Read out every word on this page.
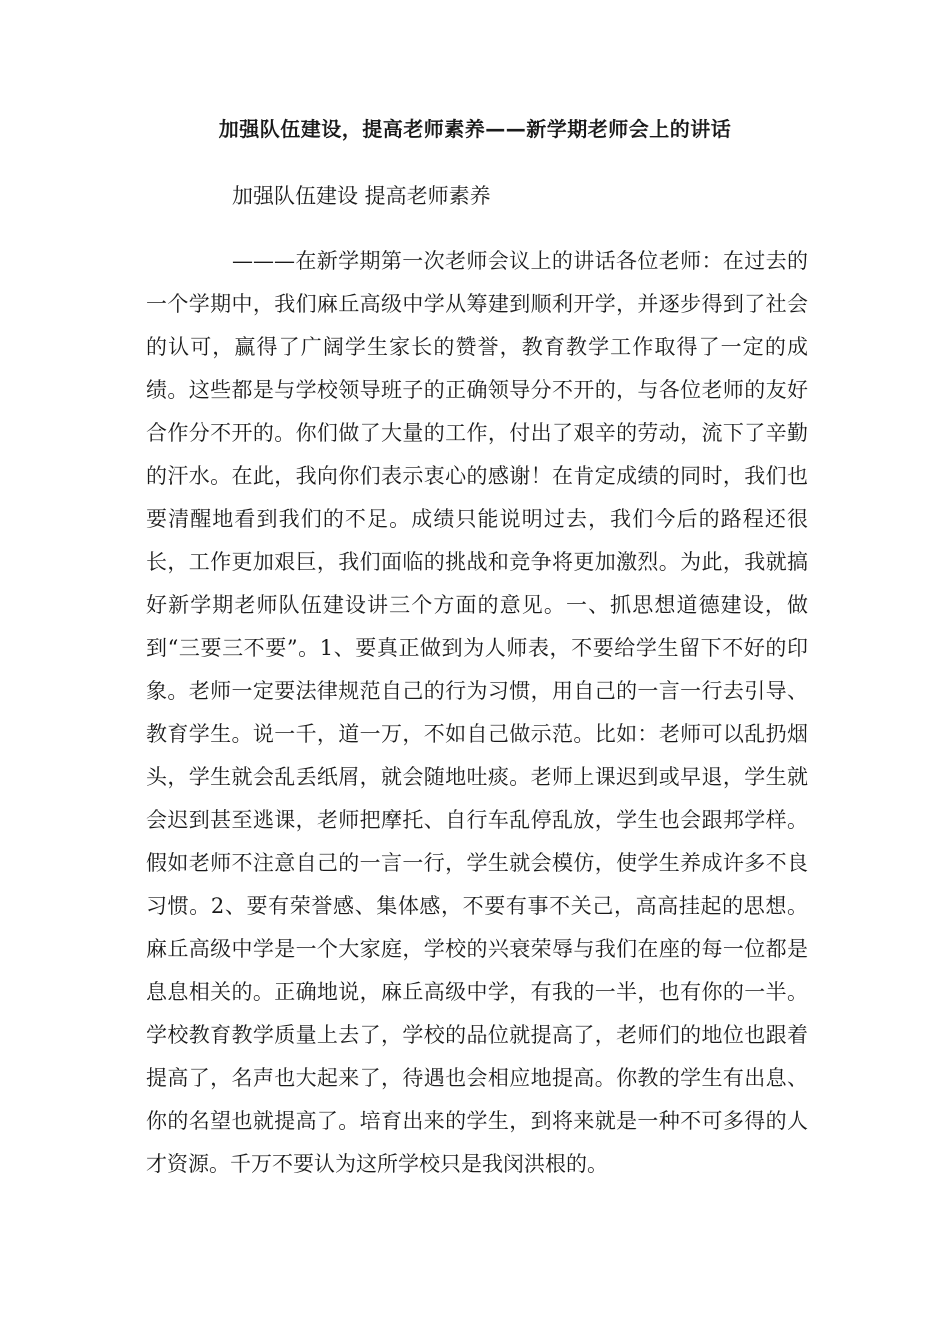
加强队伍建设，提高老师素养——新学期老师会上的讲话
加强队伍建设 提高老师素养

———在新学期第一次老师会议上的讲话各位老师：在过去的一个学期中，我们麻丘高级中学从筹建到顺利开学，并逐步得到了社会的认可，赢得了广阔学生家长的赞誉，教育教学工作取得了一定的成绩。这些都是与学校领导班子的正确领导分不开的，与各位老师的友好合作分不开的。你们做了大量的工作，付出了艰辛的劳动，流下了辛勤的汗水。在此，我向你们表示衷心的感谢！在肯定成绩的同时，我们也要清醒地看到我们的不足。成绩只能说明过去，我们今后的路程还很长，工作更加艰巨，我们面临的挑战和竞争将更加激烈。为此，我就搞好新学期老师队伍建设讲三个方面的意见。一、抓思想道德建设，做到“三要三不要”。1、要真正做到为人师表，不要给学生留下不好的印象。老师一定要法律规范自己的行为习惯，用自己的一言一行去引导、教育学生。说一千，道一万，不如自己做示范。比如：老师可以乱扔烟头，学生就会乱丢纸屑，就会随地吐痰。老师上课迟到或早退，学生就会迟到甚至逃课，老师把摩托、自行车乱停乱放，学生也会跟邦学样。假如老师不注意自己的一言一行，学生就会模仿，使学生养成许多不良习惯。2、要有荣誉感、集体感，不要有事不关己，高高挂起的思想。麻丘高级中学是一个大家庭，学校的兴衰荣辱与我们在座的每一位都是息息相关的。正确地说，麻丘高级中学，有我的一半，也有你的一半。学校教育教学质量上去了，学校的品位就提高了，老师们的地位也跟着提高了，名声也大起来了，待遇也会相应地提高。你教的学生有出息、你的名望也就提高了。培育出来的学生，到将来就是一种不可多得的人才资源。千万不要认为这所学校只是我闵洪根的。
